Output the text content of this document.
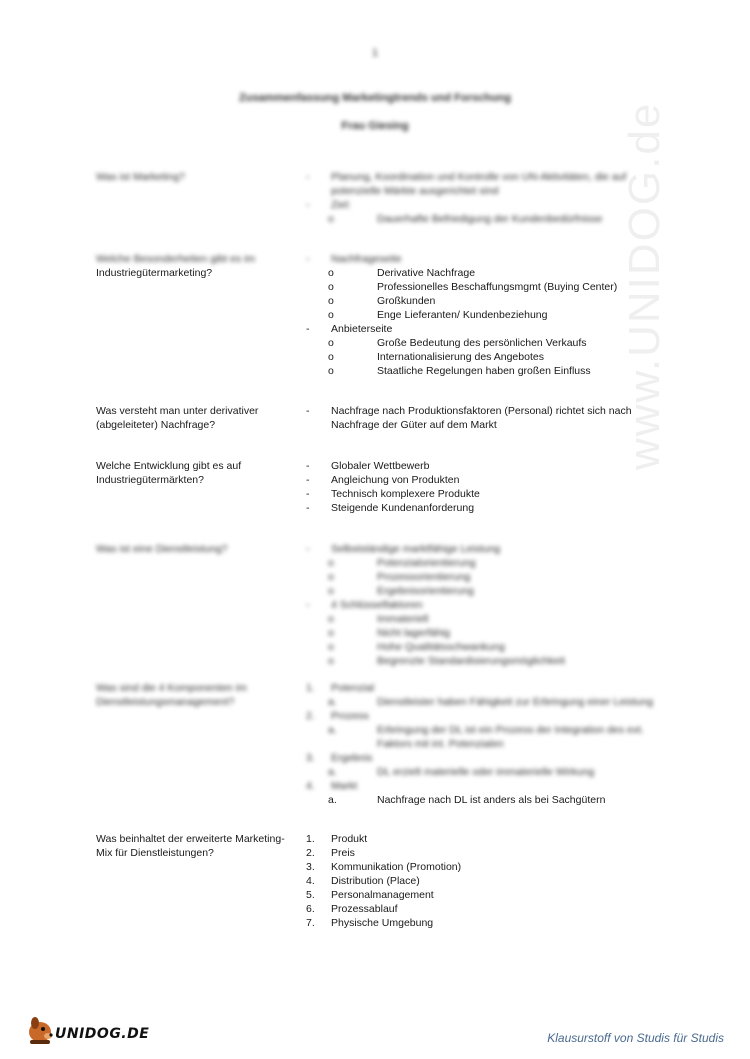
1
Zusammenfassung Marketingtrends und Forschung
Frau Giesing
Was ist Marketing?	-	Planung, Koordination und Kontrolle von UN-Aktivitäten, die auf potenzielle Märkte ausgerichtet sind
-	Ziel:
o	Dauerhafte Befriedigung der Kundenbedürfnisse
Welche Besonderheiten gibt es im
Industriegütermarketing?
-	Nachfrageseite
o	Derivative Nachfrage
o	Professionelles Beschaffungsmgmt (Buying Center)
o	Großkunden
o	Enge Lieferanten/ Kundenbeziehung
-	Anbieterseite
o	Große Bedeutung des persönlichen Verkaufs
o	Internationalisierung des Angebotes
o	Staatliche Regelungen haben großen Einfluss
Was versteht man unter derivativer (abgeleiteter) Nachfrage?
-	Nachfrage nach Produktionsfaktoren (Personal) richtet sich nach Nachfrage der Güter auf dem Markt
Welche Entwicklung gibt es auf Industriegütermärkten?
-	Globaler Wettbewerb
-	Angleichung von Produkten
-	Technisch komplexere Produkte
-	Steigende Kundenanforderung
Was ist eine Dienstleistung?	-	Selbstständige marktfähige Leistung
o	Potenzialorientierung
o	Prozessorientierung
o	Ergebnisorientierung
-	4 Schlüsselfaktoren
o	Immateriell
o	Nicht lagerfähig
o	Hohe Qualitätsschwankung
o	Begrenzte Standardisierungsmöglichkeit
Was sind die 4 Komponenten im Dienstleistungsmanagement?
1.	Potenzial
a.	Dienstleister haben Fähigkeit zur Erbringung einer Leistung
2.	Prozess
a.	Erbringung der DL ist ein Prozess der Integration des ext. Faktors mit int. Potenzialen
3.	Ergebnis
a.	DL erzielt materielle oder immaterielle Wirkung
4.	Markt
a.	Nachfrage nach DL ist anders als bei Sachgütern
Was beinhaltet der erweiterte Marketing-Mix für Dienstleistungen?
1.	Produkt
2.	Preis
3.	Kommunikation (Promotion)
4.	Distribution (Place)
5.	Personalmanagement
6.	Prozessablauf
7.	Physische Umgebung
www.UNIDOG.de
UNIDOG.DE	Klausurstoff von Studis für Studis
